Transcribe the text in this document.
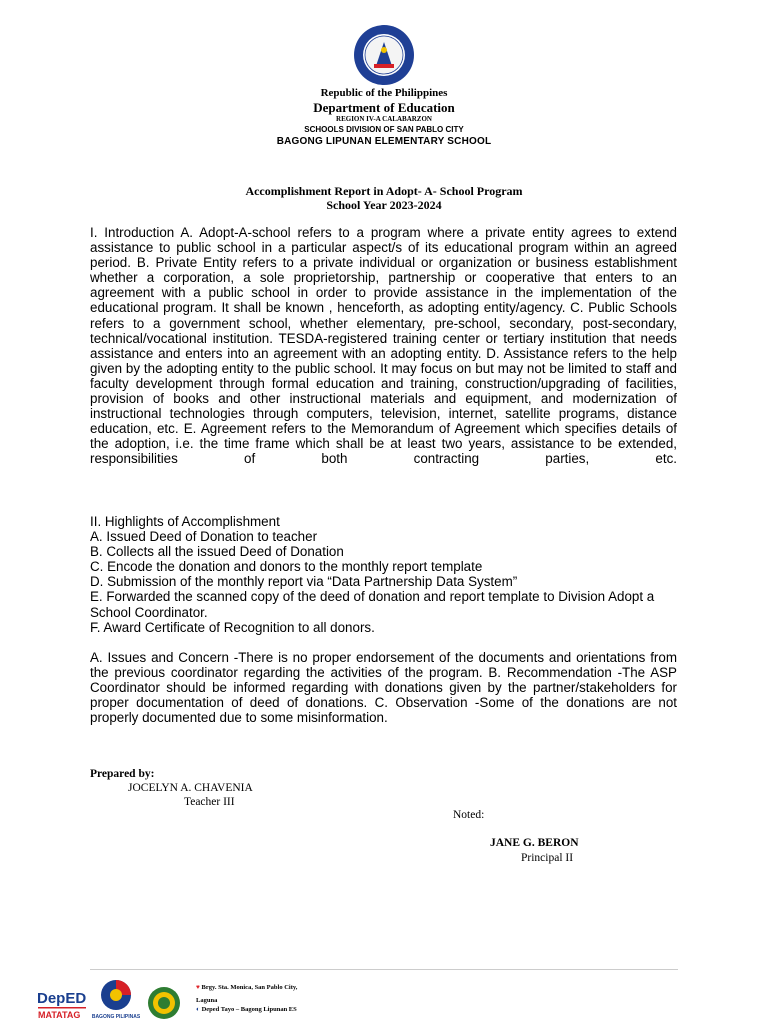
Republic of the Philippines
Department of Education
REGION IV-A CALABARZON
SCHOOLS DIVISION OF SAN PABLO CITY
BAGONG LIPUNAN ELEMENTARY SCHOOL
Accomplishment Report in Adopt- A- School Program
School Year 2023-2024

I. Introduction A. Adopt-A-school refers to a program where a private entity agrees to extend assistance to public school in a particular aspect/s of its educational program within an agreed period. B. Private Entity refers to a private individual or organization or business establishment whether a corporation, a sole proprietorship, partnership or cooperative that enters to an agreement with a public school in order to provide assistance in the implementation of the educational program. It shall be known , henceforth, as adopting entity/agency. C. Public Schools refers to a government school, whether elementary, pre-school, secondary, post-secondary, technical/vocational institution. TESDA-registered training center or tertiary institution that needs assistance and enters into an agreement with an adopting entity. D. Assistance refers to the help given by the adopting entity to the public school. It may focus on but may not be limited to staff and faculty development through formal education and training, construction/upgrading of facilities, provision of books and other instructional materials and equipment, and modernization of instructional technologies through computers, television, internet, satellite programs, distance education, etc. E. Agreement refers to the Memorandum of Agreement which specifies details of the adoption, i.e. the time frame which shall be at least two years, assistance to be extended, responsibilities of both contracting parties, etc.

II. Highlights of Accomplishment
A. Issued Deed of Donation to teacher
B. Collects all the issued Deed of Donation
C. Encode the donation and donors to the monthly report template
D. Submission of the monthly report via “Data Partnership Data System”
E. Forwarded the scanned copy of the deed of donation and report template to Division Adopt a School Coordinator.
F. Award Certificate of Recognition to all donors.

A. Issues and Concern -There is no proper endorsement of the documents and orientations from the previous coordinator regarding the activities of the program. B. Recommendation -The ASP Coordinator should be informed regarding with donations given by the partner/stakeholders for proper documentation of deed of donations. C. Observation -Some of the donations are not properly documented due to some misinformation.

Prepared by:
JOCELYN A. CHAVENIA
Teacher III
Noted:
JANE G. BERON
Principal II
DepED
MATATAG BAGONG PILIPINAS
♥ Brgy. Sta. Monica, San Pablo City,
Laguna
◐ Deped Tayo – Bagong Lipunan ES
